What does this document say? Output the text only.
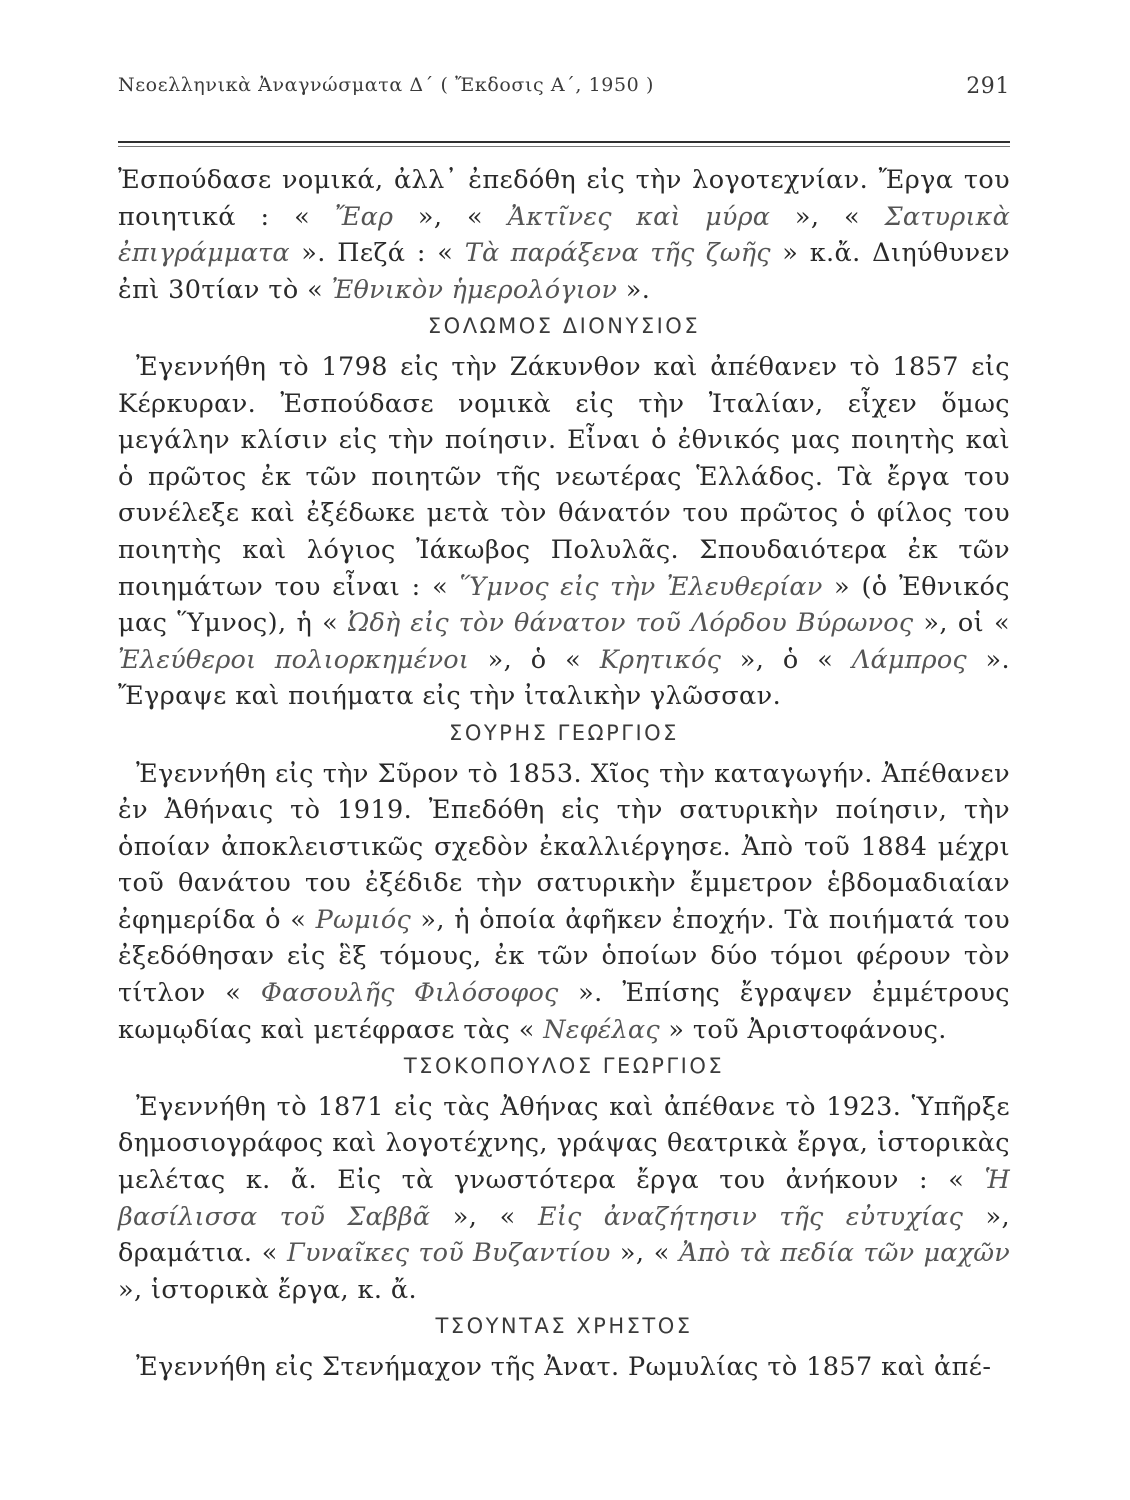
Νεοελληνικὰ Ἀναγνώσματα Δ´ ( Ἔκδοσις Α´, 1950 )	291

Ἐσπούδασε νομικά, ἀλλ᾽ ἐπεδόθη εἰς τὴν λογοτεχνίαν. Ἔργα του ποιητικά : « Ἔαρ », « Ἀκτῖνες καὶ μύρα », « Σατυρικὰ ἐπιγράμματα ». Πεζά : « Τὰ παράξενα τῆς ζωῆς » κ.ἄ. Διηύθυνεν ἐπὶ 30τίαν τὸ « Ἐθνικὸν ἡμερολόγιον ».

ΣΟΛΩΜΟΣ ΔΙΟΝΥΣΙΟΣ

Ἐγεννήθη τὸ 1798 εἰς τὴν Ζάκυνθον καὶ ἀπέθανεν τὸ 1857 εἰς Κέρκυραν. Ἐσπούδασε νομικὰ εἰς τὴν Ἰταλίαν, εἶχεν ὅμως μεγάλην κλίσιν εἰς τὴν ποίησιν. Εἶναι ὁ ἐθνικός μας ποιητὴς καὶ ὁ πρῶτος ἐκ τῶν ποιητῶν τῆς νεωτέρας Ἑλλάδος. Τὰ ἔργα του συνέλεξε καὶ ἐξέδωκε μετὰ τὸν θάνατόν του πρῶτος ὁ φίλος του ποιητὴς καὶ λόγιος Ἰάκωβος Πολυλᾶς. Σπουδαιότερα ἐκ τῶν ποιημάτων του εἶναι : « Ὕμνος εἰς τὴν Ἐλευθερίαν » (ὁ Ἐθνικός μας Ὕμνος), ἡ « Ὠδὴ εἰς τὸν θάνατον τοῦ Λόρδου Βύρωνος », οἱ « Ἐλεύθεροι πολιορκημένοι », ὁ « Κρητικός », ὁ « Λάμπρος ». Ἔγραψε καὶ ποιήματα εἰς τὴν ἰταλικὴν γλῶσσαν.

ΣΟΥΡΗΣ ΓΕΩΡΓΙΟΣ

Ἐγεννήθη εἰς τὴν Σῦρον τὸ 1853. Χῖος τὴν καταγωγήν. Ἀπέθανεν ἐν Ἀθήναις τὸ 1919. Ἐπεδόθη εἰς τὴν σατυρικὴν ποίησιν, τὴν ὁποίαν ἀποκλειστικῶς σχεδὸν ἐκαλλιέργησε. Ἀπὸ τοῦ 1884 μέχρι τοῦ θανάτου του ἐξέδιδε τὴν σατυρικὴν ἔμμετρον ἑβδομαδιαίαν ἐφημερίδα ὁ « Ρωμιός », ἡ ὁποία ἀφῆκεν ἐποχήν. Τὰ ποιήματά του ἐξεδόθησαν εἰς ἓξ τόμους, ἐκ τῶν ὁποίων δύο τόμοι φέρουν τὸν τίτλον « Φασουλῆς Φιλόσοφος ». Ἐπίσης ἔγραψεν ἐμμέτρους κωμῳδίας καὶ μετέφρασε τὰς « Νεφέλας » τοῦ Ἀριστοφάνους.

ΤΣΟΚΟΠΟΥΛΟΣ ΓΕΩΡΓΙΟΣ

Ἐγεννήθη τὸ 1871 εἰς τὰς Ἀθήνας καὶ ἀπέθανε τὸ 1923. Ὑπῆρξε δημοσιογράφος καὶ λογοτέχνης, γράψας θεατρικὰ ἔργα, ἱστορικὰς μελέτας κ. ἄ. Εἰς τὰ γνωστότερα ἔργα του ἀνήκουν : « Ἡ βασίλισσα τοῦ Σαββᾶ », « Εἰς ἀναζήτησιν τῆς εὐτυχίας », δραμάτια. « Γυναῖκες τοῦ Βυζαντίου », « Ἀπὸ τὰ πεδία τῶν μαχῶν », ἱστορικὰ ἔργα, κ. ἄ.

ΤΣΟΥΝΤΑΣ ΧΡΗΣΤΟΣ

Ἐγεννήθη εἰς Στενήμαχον τῆς Ἀνατ. Ρωμυλίας τὸ 1857 καὶ ἀπέ-
